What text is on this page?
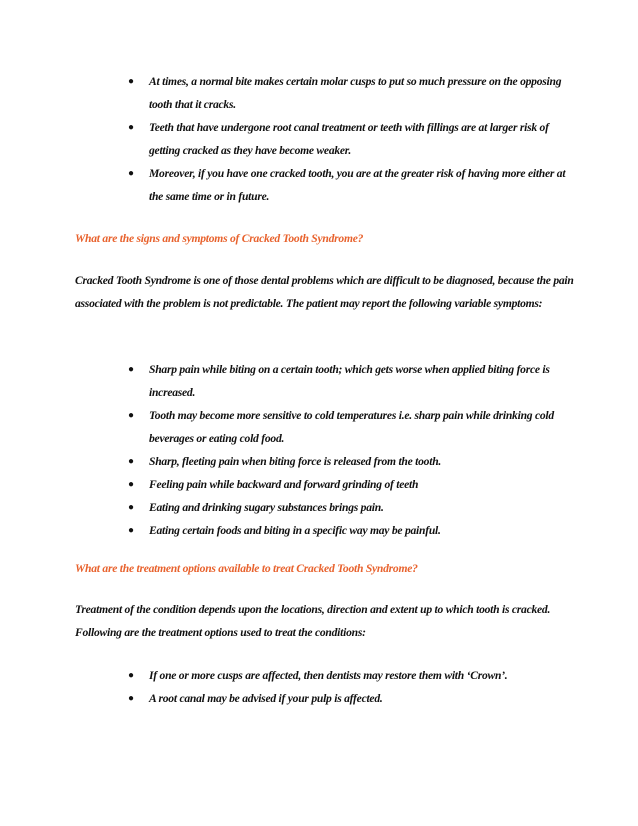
● At times, a normal bite makes certain molar cusps to put so much pressure on the opposing tooth that it cracks.
● Teeth that have undergone root canal treatment or teeth with fillings are at larger risk of getting cracked as they have become weaker.
● Moreover, if you have one cracked tooth, you are at the greater risk of having more either at the same time or in future.
What are the signs and symptoms of Cracked Tooth Syndrome?
Cracked Tooth Syndrome is one of those dental problems which are difficult to be diagnosed, because the pain associated with the problem is not predictable. The patient may report the following variable symptoms:
● Sharp pain while biting on a certain tooth; which gets worse when applied biting force is increased.
● Tooth may become more sensitive to cold temperatures i.e. sharp pain while drinking cold beverages or eating cold food.
● Sharp, fleeting pain when biting force is released from the tooth.
● Feeling pain while backward and forward grinding of teeth
● Eating and drinking sugary substances brings pain.
● Eating certain foods and biting in a specific way may be painful.
What are the treatment options available to treat Cracked Tooth Syndrome?
Treatment of the condition depends upon the locations, direction and extent up to which tooth is cracked. Following are the treatment options used to treat the conditions:
● If one or more cusps are affected, then dentists may restore them with ‘Crown’.
● A root canal may be advised if your pulp is affected.
